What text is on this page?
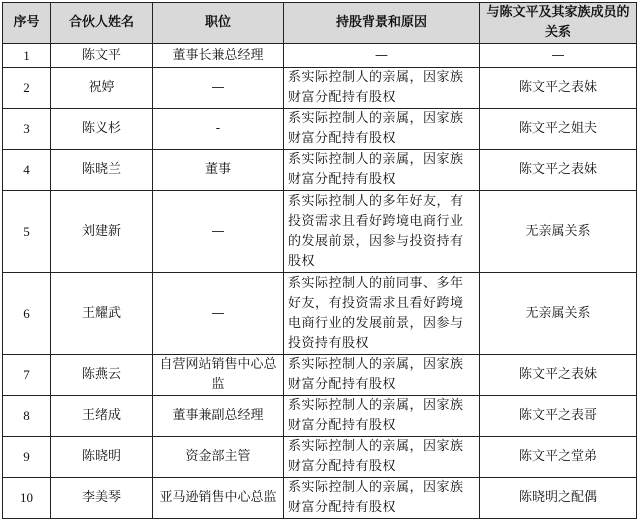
序号	合伙人姓名	职位	持股背景和原因	与陈文平及其家族成员的关系
1	陈文平	董事长兼总经理	—	—
2	祝婷	—	系实际控制人的亲属，因家族财富分配持有股权	陈文平之表妹
3	陈义杉	-	系实际控制人的亲属，因家族财富分配持有股权	陈文平之姐夫
4	陈晓兰	董事	系实际控制人的亲属，因家族财富分配持有股权	陈文平之表妹
5	刘建新	—	系实际控制人的多年好友，有投资需求且看好跨境电商行业的发展前景，因参与投资持有股权	无亲属关系
6	王耀武	—	系实际控制人的前同事、多年好友，有投资需求且看好跨境电商行业的发展前景，因参与投资持有股权	无亲属关系
7	陈燕云	自营网站销售中心总监	系实际控制人的亲属，因家族财富分配持有股权	陈文平之表妹
8	王绪成	董事兼副总经理	系实际控制人的亲属，因家族财富分配持有股权	陈文平之表哥
9	陈晓明	资金部主管	系实际控制人的亲属，因家族财富分配持有股权	陈文平之堂弟
10	李美琴	亚马逊销售中心总监	系实际控制人的亲属，因家族财富分配持有股权	陈晓明之配偶
